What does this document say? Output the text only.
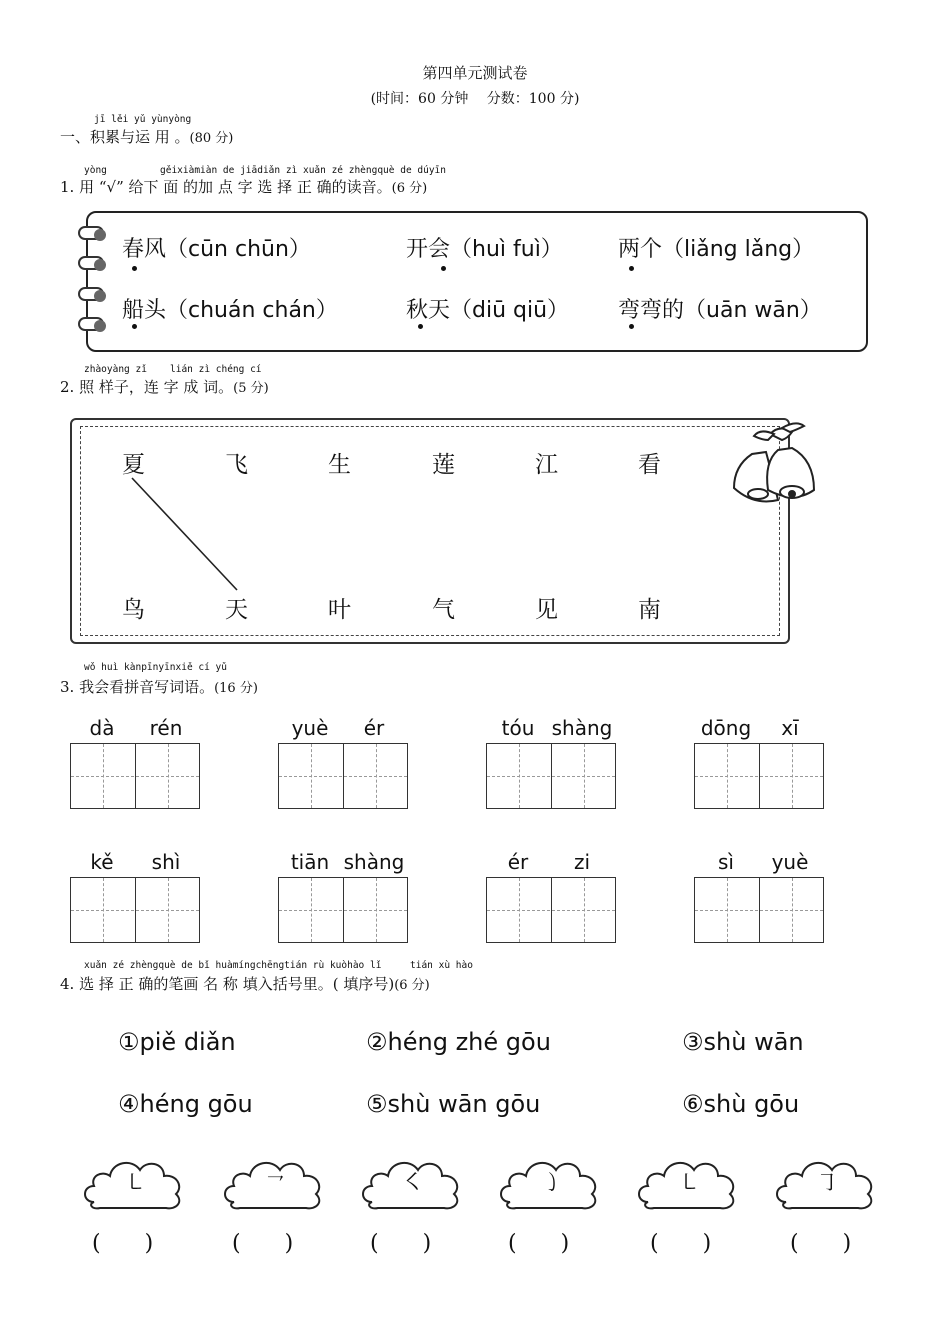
第四单元测试卷
(时间：60 分钟　 分数：100 分)
jī lěi yǔ yùnyòng
一、积累与运 用 。(80 分)
yòng	gěixiàmiàn de jiādiǎn zì xuǎn zé zhèngquè de dúyīn
1. 用 “√” 给下 面 的加 点 字 选 择 正 确的读音。(6 分)
春风（cūn chūn）	开会（huì fuì）	两个（liǎng lǎng）
船头（chuán chán）	秋天（diū qiū） 弯弯的（uān wān）
zhàoyàng zǐ lián zì chéng cí
2. 照 样子，连 字 成 词。(5 分)
夏	飞	生	莲	江	看
鸟	天	叶	气	见	南
wǒ huì kànpīnyīnxiě cí yǔ
3. 我会看拼音写词语。(16 分)
dà	rén	yuè	ér	tóu shàng	dōng	xī
kě	shì	tiān shàng	ér	zi	sì	yuè
xuǎn zé zhèngquè de bǐ huàmíngchēngtián rù kuòhào lǐ	tián xù hào
4. 选 择 正 确的笔画 名 称 填入括号里。( 填序号)(6 分)
①piě diǎn	②héng zhé gōu	③shù wān
④héng gōu	⑤shù wān gōu	⑥shù gōu
㇄	㇖	㇛	㇁	㇄	㇆
(　　)	(　　)	(　　)	(　　)	(　　)	(　　)
